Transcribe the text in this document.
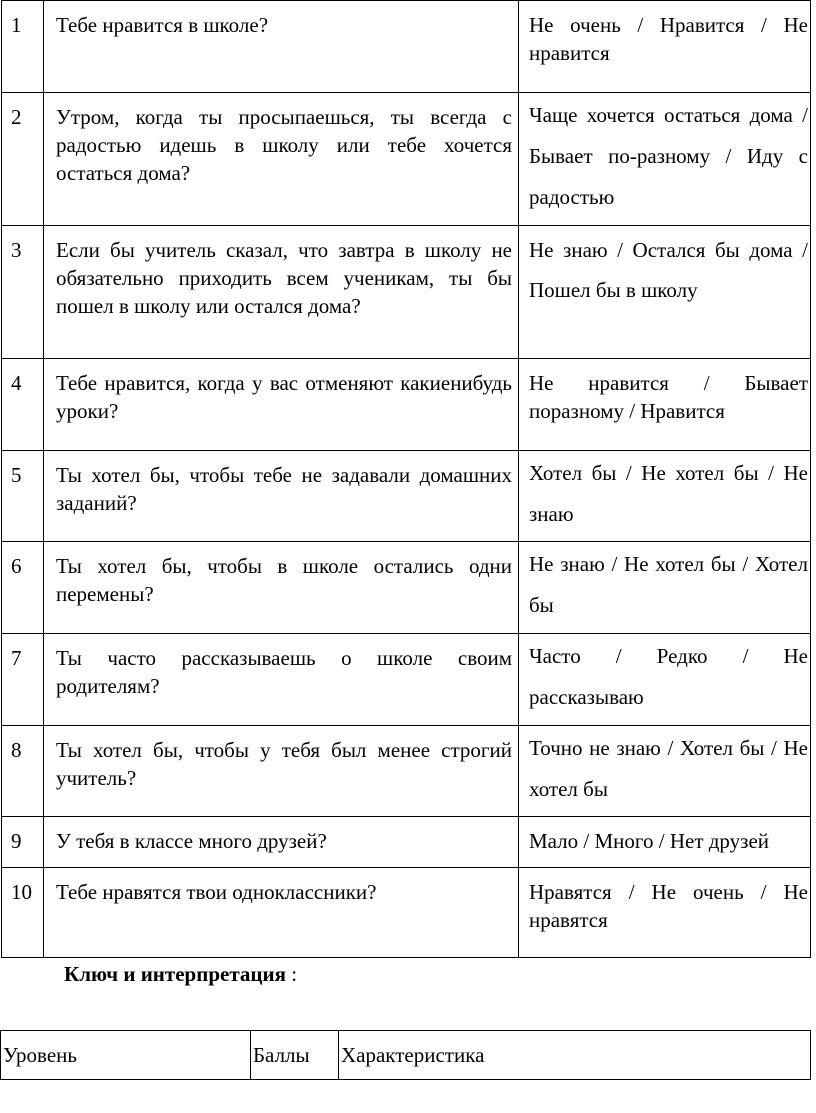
1	Тебе нравится в школе?	Не очень / Нравится / Не нравится
2	Утром, когда ты просыпаешься, ты всегда с радостью идешь в школу или тебе хочется остаться дома?	Чаще хочется остаться дома / Бывает по-разному / Иду с радостью
3	Если бы учитель сказал, что завтра в школу не обязательно приходить всем ученикам, ты бы пошел в школу или остался дома?	Не знаю / Остался бы дома / Пошел бы в школу
4	Тебе нравится, когда у вас отменяют какиенибудь уроки?	Не нравится / Бывает поразному / Нравится
5	Ты хотел бы, чтобы тебе не задавали домашних заданий?	Хотел бы / Не хотел бы / Не знаю
6	Ты хотел бы, чтобы в школе остались одни перемены?	Не знаю / Не хотел бы / Хотел бы
7	Ты часто рассказываешь о школе своим родителям?	Часто / Редко / Не рассказываю
8	Ты хотел бы, чтобы у тебя был менее строгий учитель?	Точно не знаю / Хотел бы / Не хотел бы
9	У тебя в классе много друзей?	Мало / Много / Нет друзей
10	Тебе нравятся твои одноклассники?	Нравятся / Не очень / Не нравятся
Ключ и интерпретация :
Уровень	Баллы	Характеристика
